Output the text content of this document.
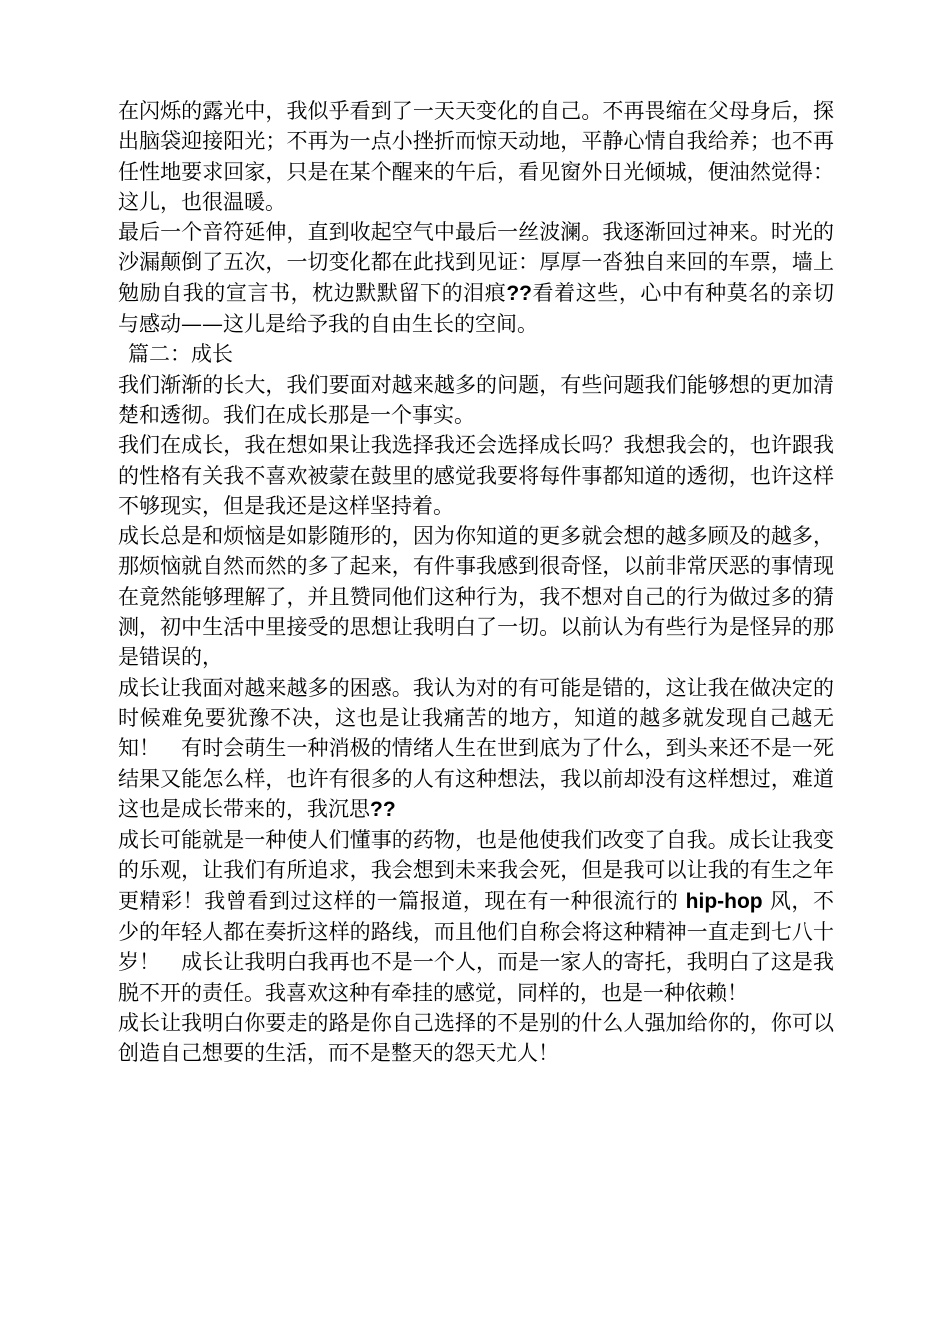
在闪烁的露光中，我似乎看到了一天天变化的自己。不再畏缩在父母身后，探出脑袋迎接阳光；不再为一点小挫折而惊天动地，平静心情自我给养；也不再任性地要求回家，只是在某个醒来的午后，看见窗外日光倾城，便油然觉得：这儿，也很温暖。

最后一个音符延伸，直到收起空气中最后一丝波澜。我逐渐回过神来。时光的沙漏颠倒了五次，一切变化都在此找到见证：厚厚一沓独自来回的车票，墙上勉励自我的宣言书，枕边默默留下的泪痕??看着这些，心中有种莫名的亲切与感动——这儿是给予我的自由生长的空间。

篇二：成长

我们渐渐的长大，我们要面对越来越多的问题，有些问题我们能够想的更加清楚和透彻。我们在成长那是一个事实。

我们在成长，我在想如果让我选择我还会选择成长吗？我想我会的，也许跟我的性格有关我不喜欢被蒙在鼓里的感觉我要将每件事都知道的透彻，也许这样不够现实，但是我还是这样坚持着。

成长总是和烦恼是如影随形的，因为你知道的更多就会想的越多顾及的越多，那烦恼就自然而然的多了起来，有件事我感到很奇怪，以前非常厌恶的事情现在竟然能够理解了，并且赞同他们这种行为，我不想对自己的行为做过多的猜测，初中生活中里接受的思想让我明白了一切。以前认为有些行为是怪异的那是错误的，

成长让我面对越来越多的困惑。我认为对的有可能是错的，这让我在做决定的时候难免要犹豫不决，这也是让我痛苦的地方，知道的越多就发现自己越无知！　有时会萌生一种消极的情绪人生在世到底为了什么，到头来还不是一死结果又能怎么样，也许有很多的人有这种想法，我以前却没有这样想过，难道这也是成长带来的，我沉思??

成长可能就是一种使人们懂事的药物，也是他使我们改变了自我。成长让我变的乐观，让我们有所追求，我会想到未来我会死，但是我可以让我的有生之年更精彩！我曾看到过这样的一篇报道，现在有一种很流行的 hip-hop 风，不少的年轻人都在奏折这样的路线，而且他们自称会将这种精神一直走到七八十岁！　成长让我明白我再也不是一个人，而是一家人的寄托，我明白了这是我脱不开的责任。我喜欢这种有牵挂的感觉，同样的，也是一种依赖！

成长让我明白你要走的路是你自己选择的不是别的什么人强加给你的，你可以创造自己想要的生活，而不是整天的怨天尤人！
